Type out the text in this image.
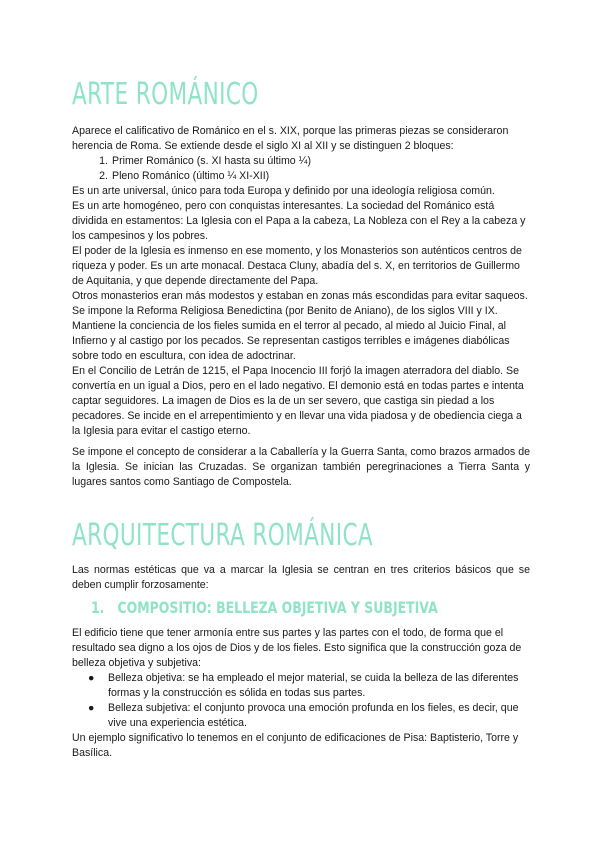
ARTE ROMÁNICO

Aparece el calificativo de Románico en el s. XIX, porque las primeras piezas se consideraron herencia de Roma. Se extiende desde el siglo XI al XII y se distinguen 2 bloques:

1. Primer Románico (s. XI hasta su último ¼)
2. Pleno Románico (último ¼ XI-XII)

Es un arte universal, único para toda Europa y definido por una ideología religiosa común.

Es un arte homogéneo, pero con conquistas interesantes. La sociedad del Románico está dividida en estamentos: La Iglesia con el Papa a la cabeza, La Nobleza con el Rey a la cabeza y los campesinos y los pobres.

El poder de la Iglesia es inmenso en ese momento, y los Monasterios son auténticos centros de riqueza y poder. Es un arte monacal. Destaca Cluny, abadía del s. X, en territorios de Guillermo de Aquitania, y que depende directamente del Papa.

Otros monasterios eran más modestos y estaban en zonas más escondidas para evitar saqueos.

Se impone la Reforma Religiosa Benedictina (por Benito de Aniano), de los siglos VIII y IX. Mantiene la conciencia de los fieles sumida en el terror al pecado, al miedo al Juicio Final, al Infierno y al castigo por los pecados. Se representan castigos terribles e imágenes diabólicas sobre todo en escultura, con idea de adoctrinar.

En el Concilio de Letrán de 1215, el Papa Inocencio III forjó la imagen aterradora del diablo. Se convertía en un igual a Dios, pero en el lado negativo. El demonio está en todas partes e intenta captar seguidores. La imagen de Dios es la de un ser severo, que castiga sin piedad a los pecadores. Se incide en el arrepentimiento y en llevar una vida piadosa y de obediencia ciega a la Iglesia para evitar el castigo eterno.

Se impone el concepto de considerar a la Caballería y la Guerra Santa, como brazos armados de la Iglesia. Se inician las Cruzadas. Se organizan también peregrinaciones a Tierra Santa y lugares santos como Santiago de Compostela.

ARQUITECTURA ROMÁNICA

Las normas estéticas que va a marcar la Iglesia se centran en tres criterios básicos que se deben cumplir forzosamente:

1. COMPOSITIO: BELLEZA OBJETIVA Y SUBJETIVA

El edificio tiene que tener armonía entre sus partes y las partes con el todo, de forma que el resultado sea digno a los ojos de Dios y de los fieles. Esto significa que la construcción goza de belleza objetiva y subjetiva:

● Belleza objetiva: se ha empleado el mejor material, se cuida la belleza de las diferentes formas y la construcción es sólida en todas sus partes.
● Belleza subjetiva: el conjunto provoca una emoción profunda en los fieles, es decir, que vive una experiencia estética.

Un ejemplo significativo lo tenemos en el conjunto de edificaciones de Pisa: Baptisterio, Torre y Basílica.
